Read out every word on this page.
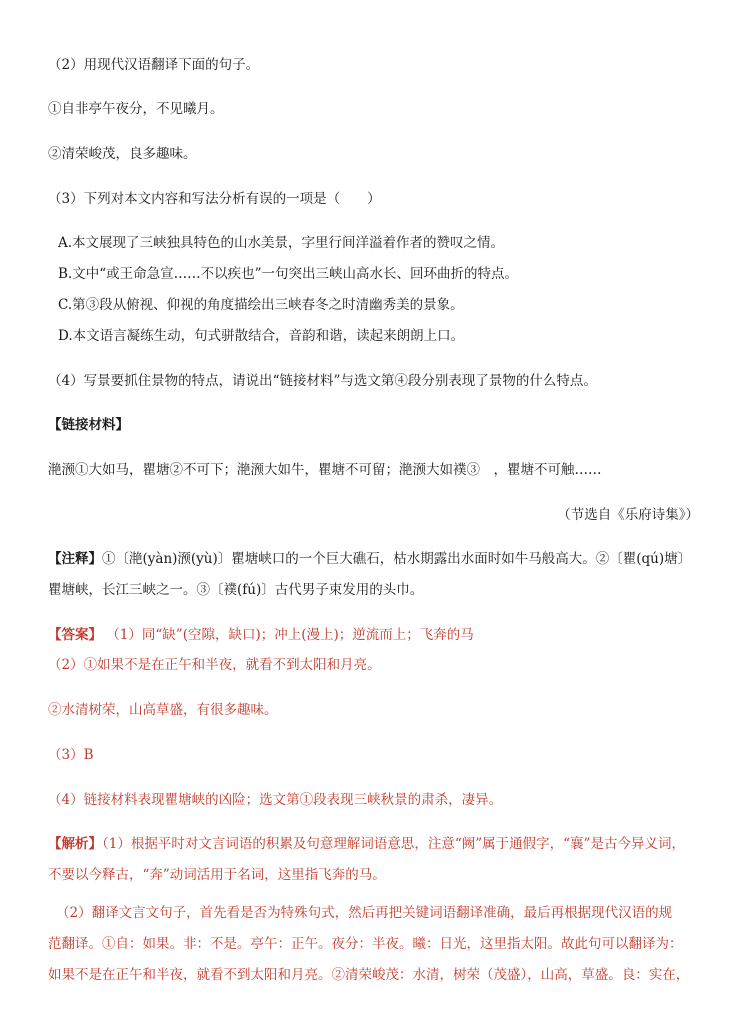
（2）用现代汉语翻译下面的句子。
①自非亭午夜分，不见曦月。
②清荣峻茂，良多趣味。
（3）下列对本文内容和写法分析有误的一项是（　　）
A.本文展现了三峡独具特色的山水美景，字里行间洋溢着作者的赞叹之情。
B.文中“或王命急宣……不以疾也”一句突出三峡山高水长、回环曲折的特点。
C.第③段从俯视、仰视的角度描绘出三峡春冬之时清幽秀美的景象。
D.本文语言凝练生动，句式骈散结合，音韵和谐，读起来朗朗上口。
（4）写景要抓住景物的特点，请说出“链接材料”与选文第④段分别表现了景物的什么特点。
【链接材料】
滟滪①大如马，瞿塘②不可下；滟滪大如牛，瞿塘不可留；滟滪大如襆③　，瞿塘不可触……
（节选自《乐府诗集》）
【注释】①〔滟(yàn)滪(yù)〕瞿塘峡口的一个巨大礁石，枯水期露出水面时如牛马般高大。②〔瞿(qú)塘〕
瞿塘峡，长江三峡之一。③〔襆(fú)〕古代男子束发用的头巾。
【答案】 （1）同“缺”(空隙，缺口)；冲上(漫上)；逆流而上；飞奔的马
（2）①如果不是在正午和半夜，就看不到太阳和月亮。
②水清树荣，山高草盛，有很多趣味。
（3）B
（4）链接材料表现瞿塘峡的凶险；选文第①段表现三峡秋景的肃杀，凄异。
【解析】（1）根据平时对文言词语的积累及句意理解词语意思，注意“阙”属于通假字，“襄”是古今异义词，
不要以今释古，“奔”动词活用于名词，这里指飞奔的马。
（2）翻译文言文句子，首先看是否为特殊句式，然后再把关键词语翻译准确，最后再根据现代汉语的规
范翻译。①自：如果。非：不是。亭午：正午。夜分：半夜。曦：日光，这里指太阳。故此句可以翻译为：
如果不是在正午和半夜，就看不到太阳和月亮。②清荣峻茂：水清，树荣（茂盛），山高，草盛。良：实在，
